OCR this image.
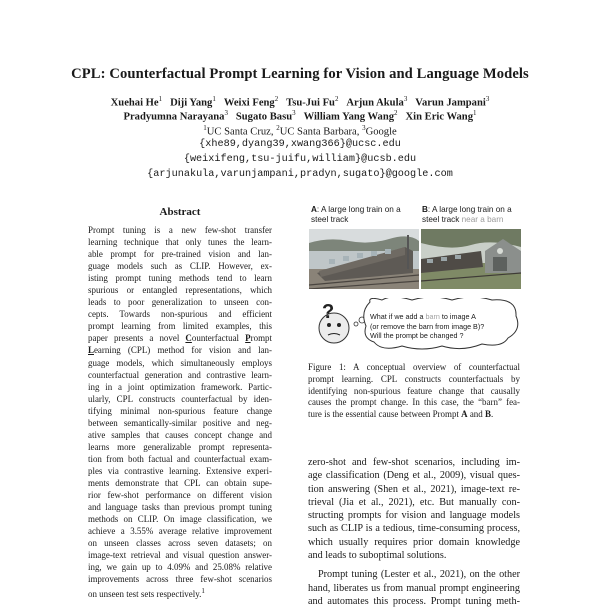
CPL: Counterfactual Prompt Learning for Vision and Language Models
Xuehai He$^1$ Diji Yang$^1$ Weixi Feng$^2$ Tsu-Jui Fu$^2$ Arjun Akula$^3$ Varun Jampani$^3$
Pradyumna Narayana$^3$ Sugato Basu$^3$ William Yang Wang$^2$ Xin Eric Wang$^1$
$^1$UC Santa Cruz, $^2$UC Santa Barbara, $^3$Google
{xhe89,dyang39,xwang366}@ucsc.edu
{weixifeng,tsu-juifu,william}@ucsb.edu
{arjunakula,varunjampani,pradyn,sugato}@google.com
Abstract
Prompt tuning is a new few-shot transfer
learning technique that only tunes the learn-
able prompt for pre-trained vision and lan-
guage models such as CLIP. However, ex-
isting prompt tuning methods tend to learn
spurious or entangled representations, which
leads to poor generalization to unseen con-
cepts. Towards non-spurious and efficient
prompt learning from limited examples, this
paper presents a novel Counterfactual Prompt
Learning (CPL) method for vision and lan-
guage models, which simultaneously employs
counterfactual generation and contrastive learn-
ing in a joint optimization framework. Partic-
ularly, CPL constructs counterfactual by iden-
tifying minimal non-spurious feature change
between semantically-similar positive and neg-
ative samples that causes concept change and
learns more generalizable prompt representa-
tion from both factual and counterfactual exam-
ples via contrastive learning. Extensive experi-
ments demonstrate that CPL can obtain supe-
rior few-shot performance on different vision
and language tasks than previous prompt tuning
methods on CLIP. On image classification, we
achieve a 3.55% average relative improvement
on unseen classes across seven datasets; on
image-text retrieval and visual question answer-
ing, we gain up to 4.09% and 25.08% relative
improvements across three few-shot scenarios
on unseen test sets respectively.$^1$
A: A large long train on a
steel track
B: A large long train on a
steel track near a barn
?	What if we add a barn to image A
(or remove the barn from image B)?
Will the prompt be changed ?
Figure 1: A conceptual overview of counterfactual
prompt learning. CPL constructs counterfactuals by
identifying non-spurious feature change that causally
causes the prompt change. In this case, the “barn” fea-
ture is the essential cause between Prompt A and B.
zero-shot and few-shot scenarios, including im-
age classification (Deng et al., 2009), visual ques-
tion answering (Shen et al., 2021), image-text re-
trieval (Jia et al., 2021), etc. But manually con-
structing prompts for vision and language models
such as CLIP is a tedious, time-consuming process,
which usually requires prior domain knowledge
and leads to suboptimal solutions.
Prompt tuning (Lester et al., 2021), on the other
hand, liberates us from manual prompt engineering
and automates this process. Prompt tuning meth-
